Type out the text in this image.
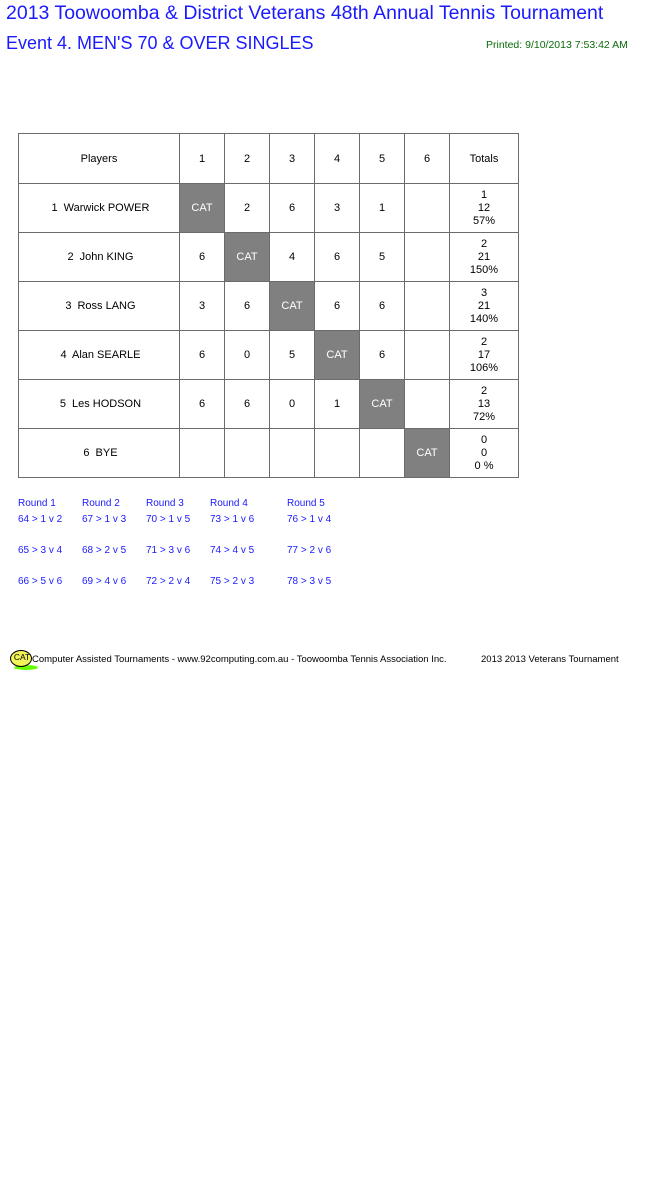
2013 Toowoomba & District Veterans 48th Annual Tennis Tournament
Event 4. MEN'S 70 & OVER SINGLES	Printed: 9/10/2013 7:53:42 AM
Players	1	2	3	4	5	6	Totals
1 Warwick POWER	CAT	2	6	3	1		1
12
57%

2 John KING	6	CAT	4	6	5		2
21
150%

3 Ross LANG	3	6	CAT	6	6		3
21
140%

4 Alan SEARLE	6	0	5	CAT	6		2
17
106%

5 Les HODSON	6	6	0	1	CAT		2
13
72%

6 BYE						CAT	0
0
0 %
Round 1	Round 2	Round 3	Round 4	Round 5
64 > 1 v 2	67 > 1 v 3	70 > 1 v 5	73 > 1 v 6	76 > 1 v 4
65 > 3 v 4	68 > 2 v 5	71 > 3 v 6	74 > 4 v 5	77 > 2 v 6
66 > 5 v 6	69 > 4 v 6	72 > 2 v 4	75 > 2 v 3	78 > 3 v 5
CAT Computer Assisted Tournaments - www.92computing.com.au - Toowoomba Tennis Association Inc.	2013 2013 Veterans Tournament
